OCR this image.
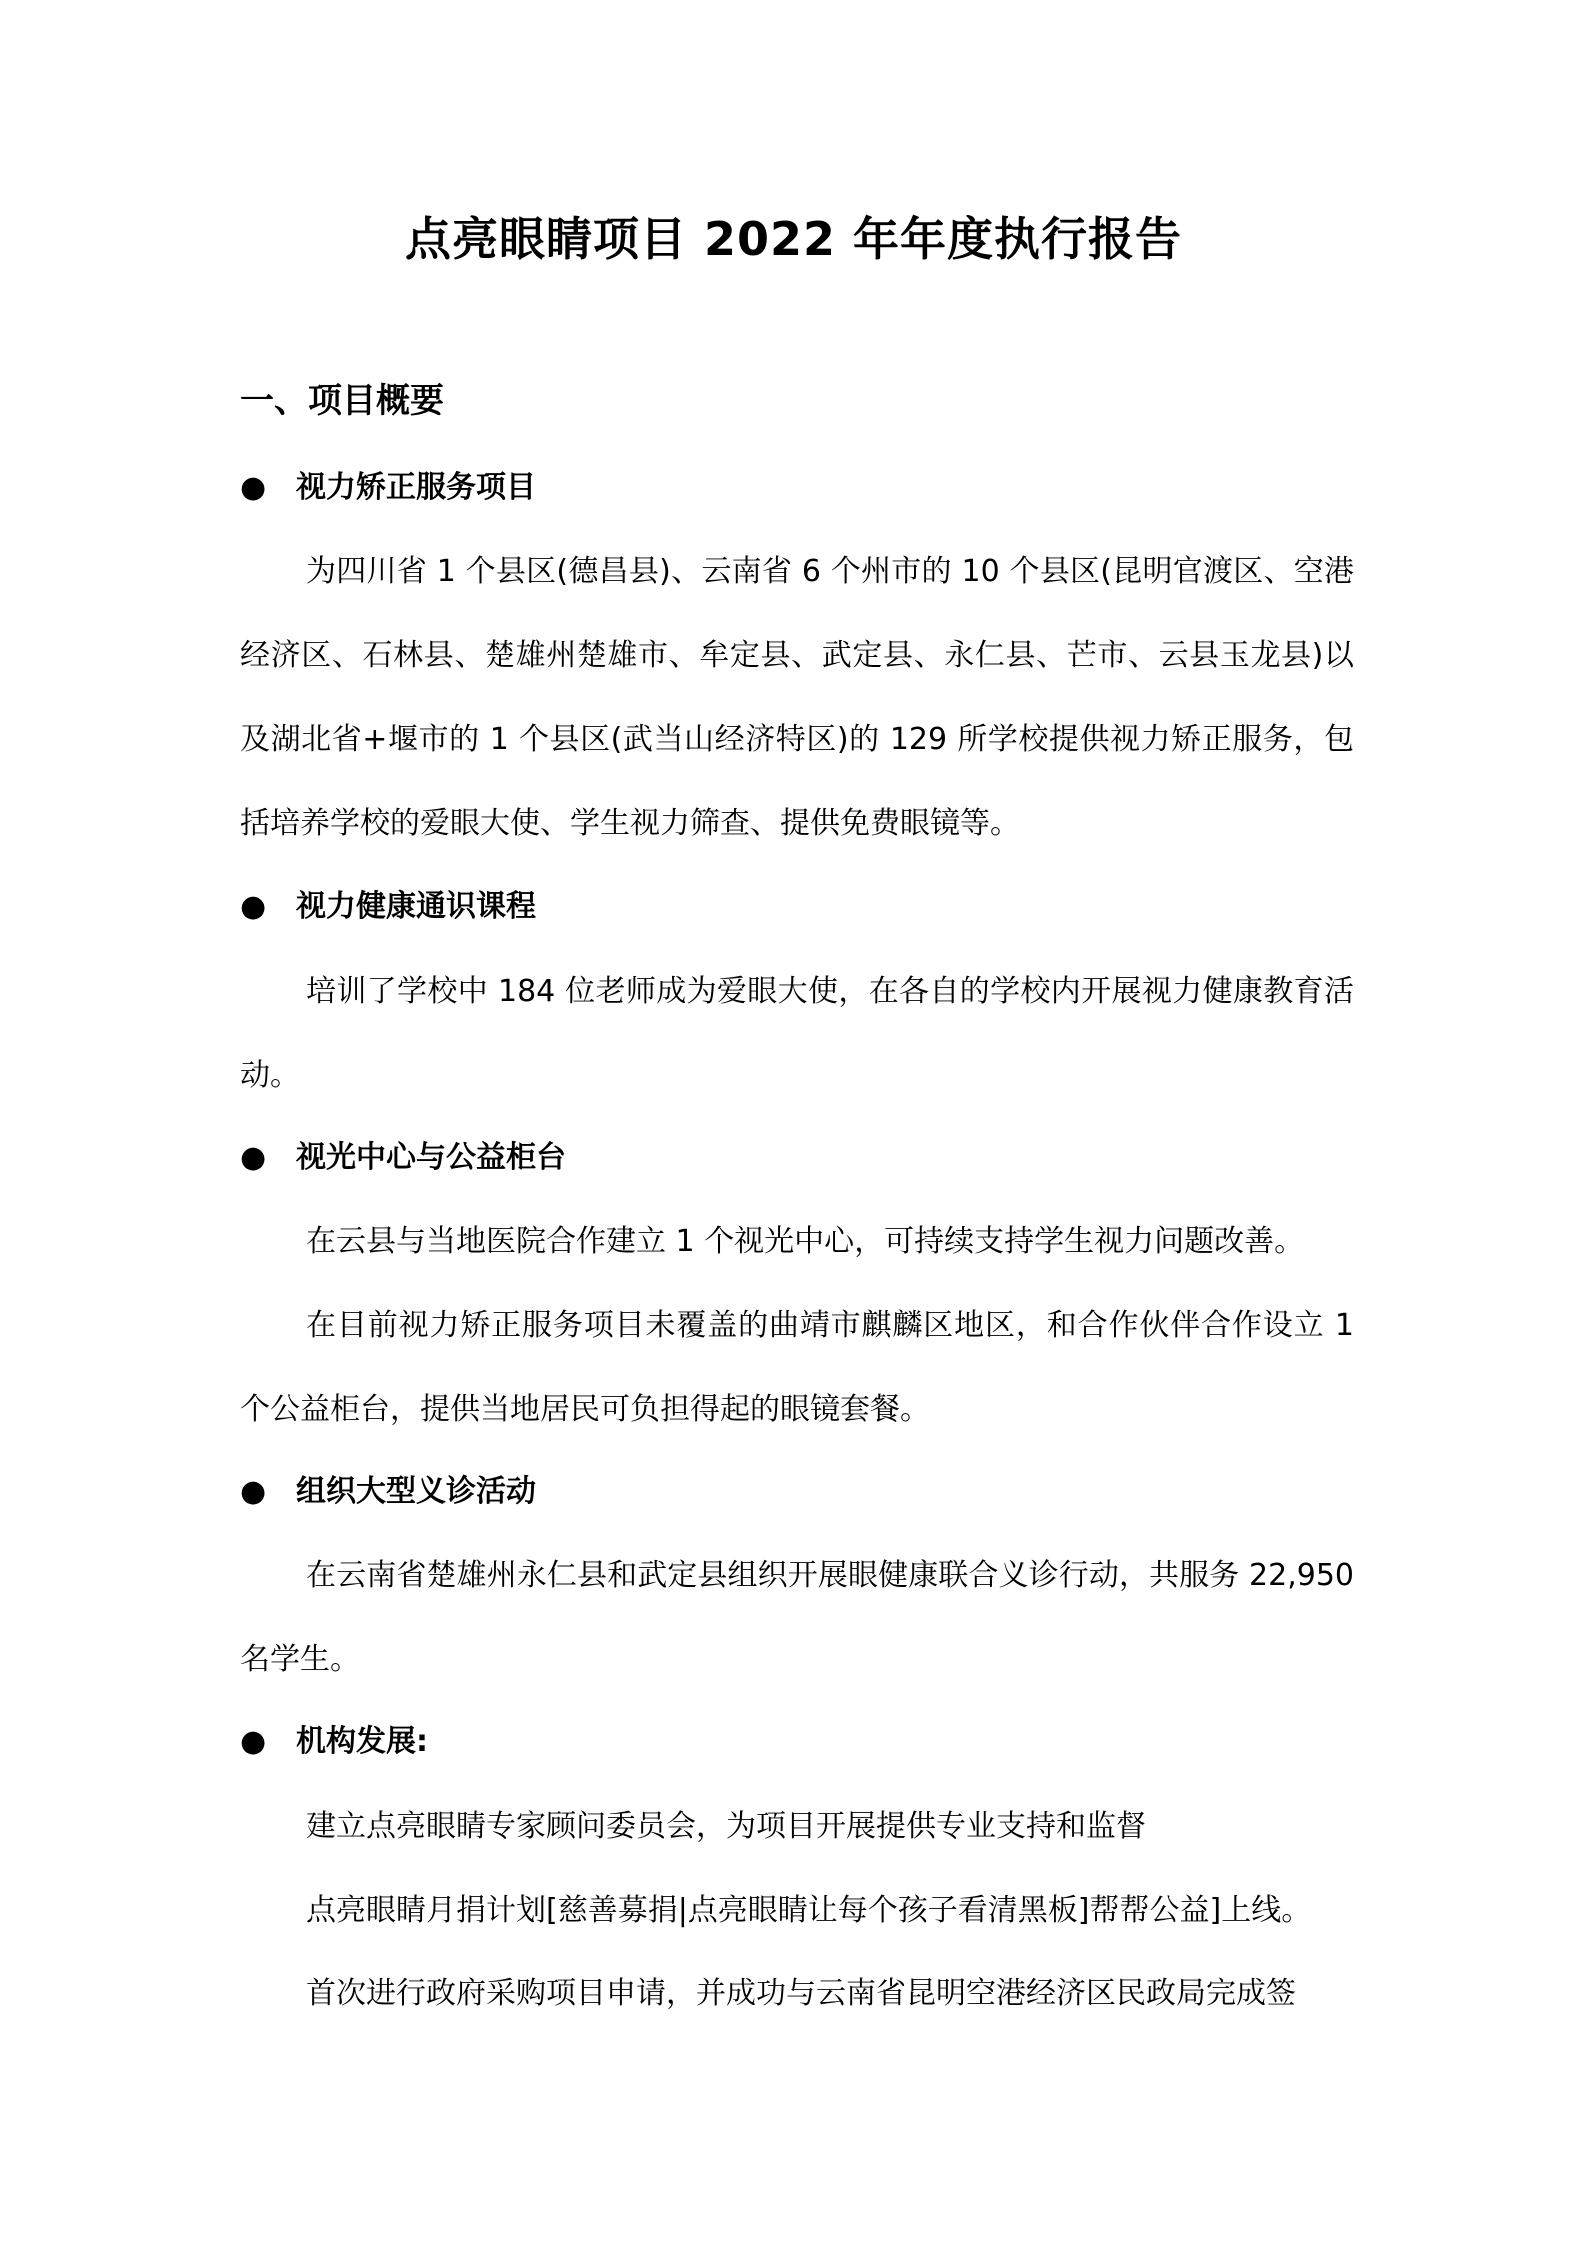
点亮眼睛项目 2022 年年度执行报告
一、项目概要
● 视力矫正服务项目

为四川省 1 个县区(德昌县)、云南省 6 个州市的 10 个县区(昆明官渡区、空港经济区、石林县、楚雄州楚雄市、牟定县、武定县、永仁县、芒市、云县玉龙县)以及湖北省+堰市的 1 个县区(武当山经济特区)的 129 所学校提供视力矫正服务，包括培养学校的爱眼大使、学生视力筛查、提供免费眼镜等。

● 视力健康通识课程

培训了学校中 184 位老师成为爱眼大使，在各自的学校内开展视力健康教育活动。

● 视光中心与公益柜台

在云县与当地医院合作建立 1 个视光中心，可持续支持学生视力问题改善。

在目前视力矫正服务项目未覆盖的曲靖市麒麟区地区，和合作伙伴合作设立 1 个公益柜台，提供当地居民可负担得起的眼镜套餐。

● 组织大型义诊活动

在云南省楚雄州永仁县和武定县组织开展眼健康联合义诊行动，共服务 22,950 名学生。

● 机构发展:
建立点亮眼睛专家顾问委员会，为项目开展提供专业支持和监督
点亮眼睛月捐计划[慈善募捐|点亮眼睛让每个孩子看清黑板]帮帮公益]上线。
首次进行政府采购项目申请，并成功与云南省昆明空港经济区民政局完成签
